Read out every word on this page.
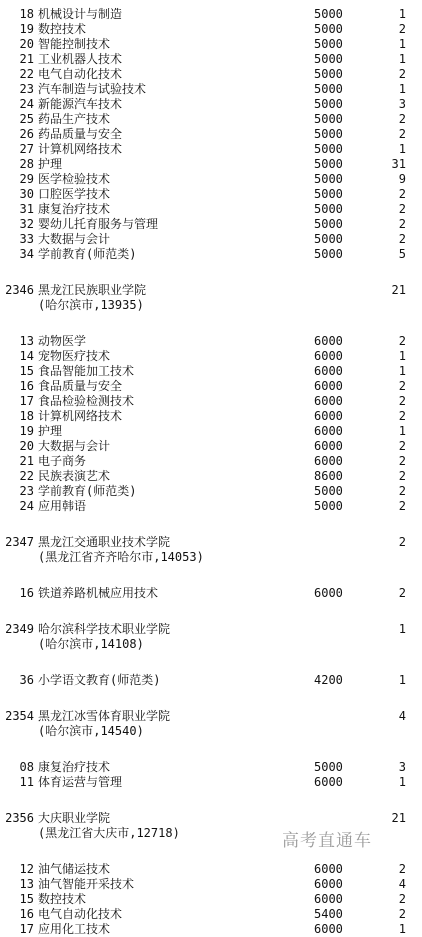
18 机械设计与制造	5000	1
19 数控技术	5000	2
20 智能控制技术	5000	1
21 工业机器人技术	5000	1
22 电气自动化技术	5000	2
23 汽车制造与试验技术	5000	1
24 新能源汽车技术	5000	3
25 药品生产技术	5000	2
26 药品质量与安全	5000	2
27 计算机网络技术	5000	1
28 护理	5000	31
29 医学检验技术	5000	9
30 口腔医学技术	5000	2
31 康复治疗技术	5000	2
32 婴幼儿托育服务与管理	5000	2
33 大数据与会计	5000	2
34 学前教育(师范类)	5000	5
2346 黑龙江民族职业学院	21
(哈尔滨市,13935)
13 动物医学	6000	2
14 宠物医疗技术	6000	1
15 食品智能加工技术	6000	1
16 食品质量与安全	6000	2
17 食品检验检测技术	6000	2
18 计算机网络技术	6000	2
19 护理	6000	1
20 大数据与会计	6000	2
21 电子商务	6000	2
22 民族表演艺术	8600	2
23 学前教育(师范类)	5000	2
24 应用韩语	5000	2
2347 黑龙江交通职业技术学院	2
(黑龙江省齐齐哈尔市,14053)
16 铁道养路机械应用技术	6000	2
2349 哈尔滨科学技术职业学院	1
(哈尔滨市,14108)
36 小学语文教育(师范类)	4200	1
2354 黑龙江冰雪体育职业学院	4
(哈尔滨市,14540)
08 康复治疗技术	5000	3
11 体育运营与管理	6000	1
2356 大庆职业学院	21
(黑龙江省大庆市,12718)
12 油气储运技术	6000	2
13 油气智能开采技术	6000	4
15 数控技术	6000	2
16 电气自动化技术	5400	2
17 应用化工技术	6000	1
高考直通车
